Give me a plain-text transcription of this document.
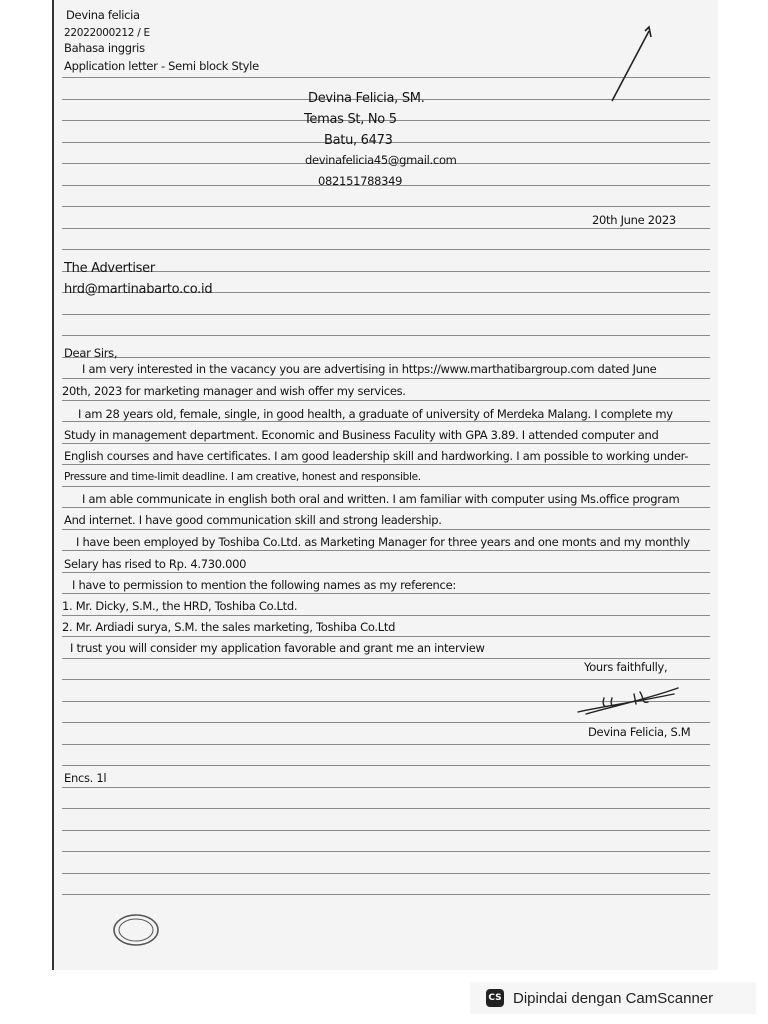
Devina felicia
22022000212 / E
Bahasa inggris
Application letter - Semi block Style
Devina Felicia, SM.
Temas St, No 5
Batu, 6473
devinafelicia45@gmail.com
082151788349
20th June 2023
The Advertiser
hrd@martinabarto.co.id
Dear Sirs,
I am very interested in the vacancy you are advertising in https://www.marthatibargroup.com dated June
20th, 2023 for marketing manager and wish offer my services.
I am 28 years old, female, single, in good health, a graduate of university of Merdeka Malang. I complete my
Study in management department. Economic and Business Faculity with GPA 3.89. I attended computer and
English courses and have certificates. I am good leadership skill and hardworking. I am possible to working under-
Pressure and time-limit deadline. I am creative, honest and responsible.
I am able communicate in english both oral and written. I am familiar with computer using Ms.office program
And internet. I have good communication skill and strong leadership.
I have been employed by Toshiba Co.Ltd. as Marketing Manager for three years and one monts and my monthly
Selary has rised to Rp. 4.730.000
I have to permission to mention the following names as my reference:
1. Mr. Dicky, S.M., the HRD, Toshiba Co.Ltd.
2. Mr. Ardiadi surya, S.M. the sales marketing, Toshiba Co.Ltd
I trust you will consider my application favorable and grant me an interview
Yours faithfully,
Devina Felicia, S.M
Encs. 1l
CS Dipindai dengan CamScanner
